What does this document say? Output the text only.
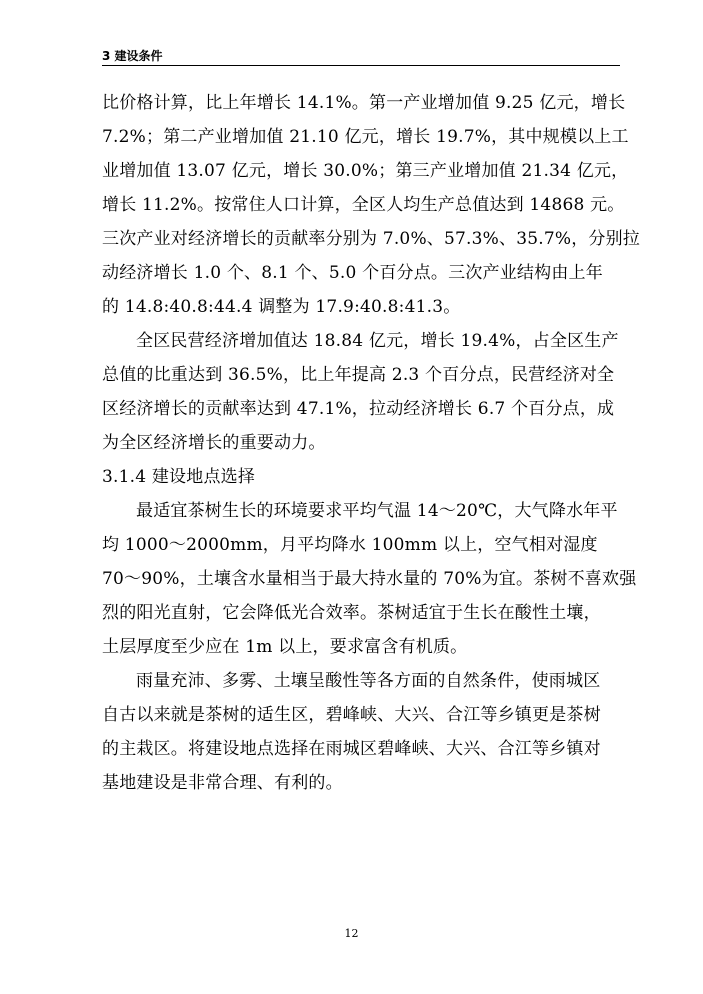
3 建设条件
比价格计算，比上年增长 14.1%。第一产业增加值 9.25 亿元，增长
7.2%；第二产业增加值 21.10 亿元，增长 19.7%，其中规模以上工
业增加值 13.07 亿元，增长 30.0%；第三产业增加值 21.34 亿元，
增长 11.2%。按常住人口计算，全区人均生产总值达到 14868 元。
三次产业对经济增长的贡献率分别为 7.0%、57.3%、35.7%，分别拉
动经济增长 1.0 个、8.1 个、5.0 个百分点。三次产业结构由上年
的 14.8:40.8:44.4 调整为 17.9:40.8:41.3。
全区民营经济增加值达 18.84 亿元，增长 19.4%，占全区生产
总值的比重达到 36.5%，比上年提高 2.3 个百分点，民营经济对全
区经济增长的贡献率达到 47.1%，拉动经济增长 6.7 个百分点，成
为全区经济增长的重要动力。
3.1.4 建设地点选择
最适宜茶树生长的环境要求平均气温 14～20℃，大气降水年平
均 1000～2000mm，月平均降水 100mm 以上，空气相对湿度
70～90%，土壤含水量相当于最大持水量的 70%为宜。茶树不喜欢强
烈的阳光直射，它会降低光合效率。茶树适宜于生长在酸性土壤，
土层厚度至少应在 1m 以上，要求富含有机质。
雨量充沛、多雾、土壤呈酸性等各方面的自然条件，使雨城区
自古以来就是茶树的适生区，碧峰峡、大兴、合江等乡镇更是茶树
的主栽区。将建设地点选择在雨城区碧峰峡、大兴、合江等乡镇对
基地建设是非常合理、有利的。
12
